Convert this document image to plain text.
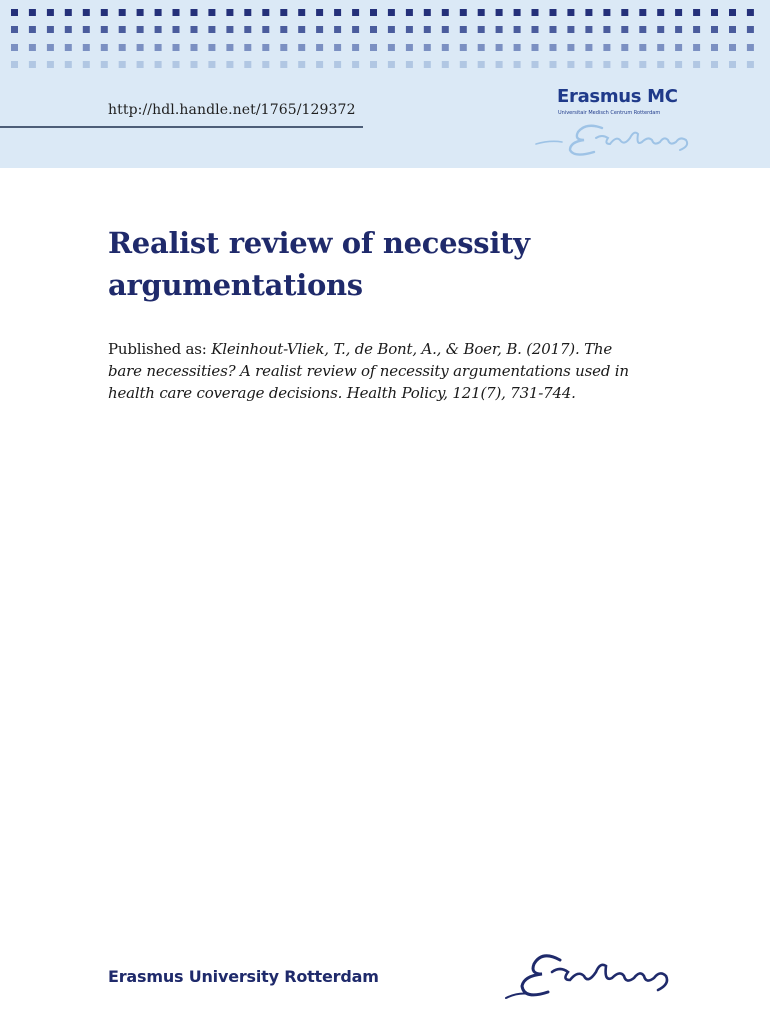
http://hdl.handle.net/1765/129372
Erasmus MC
Universitair Medisch Centrum Rotterdam
Realist review of necessity argumentations

Published as: Kleinhout-Vliek, T., de Bont, A., & Boer, B. (2017). The bare necessities? A realist review of necessity argumentations used in health care coverage decisions. Health Policy, 121(7), 731-744.

Erasmus University Rotterdam
